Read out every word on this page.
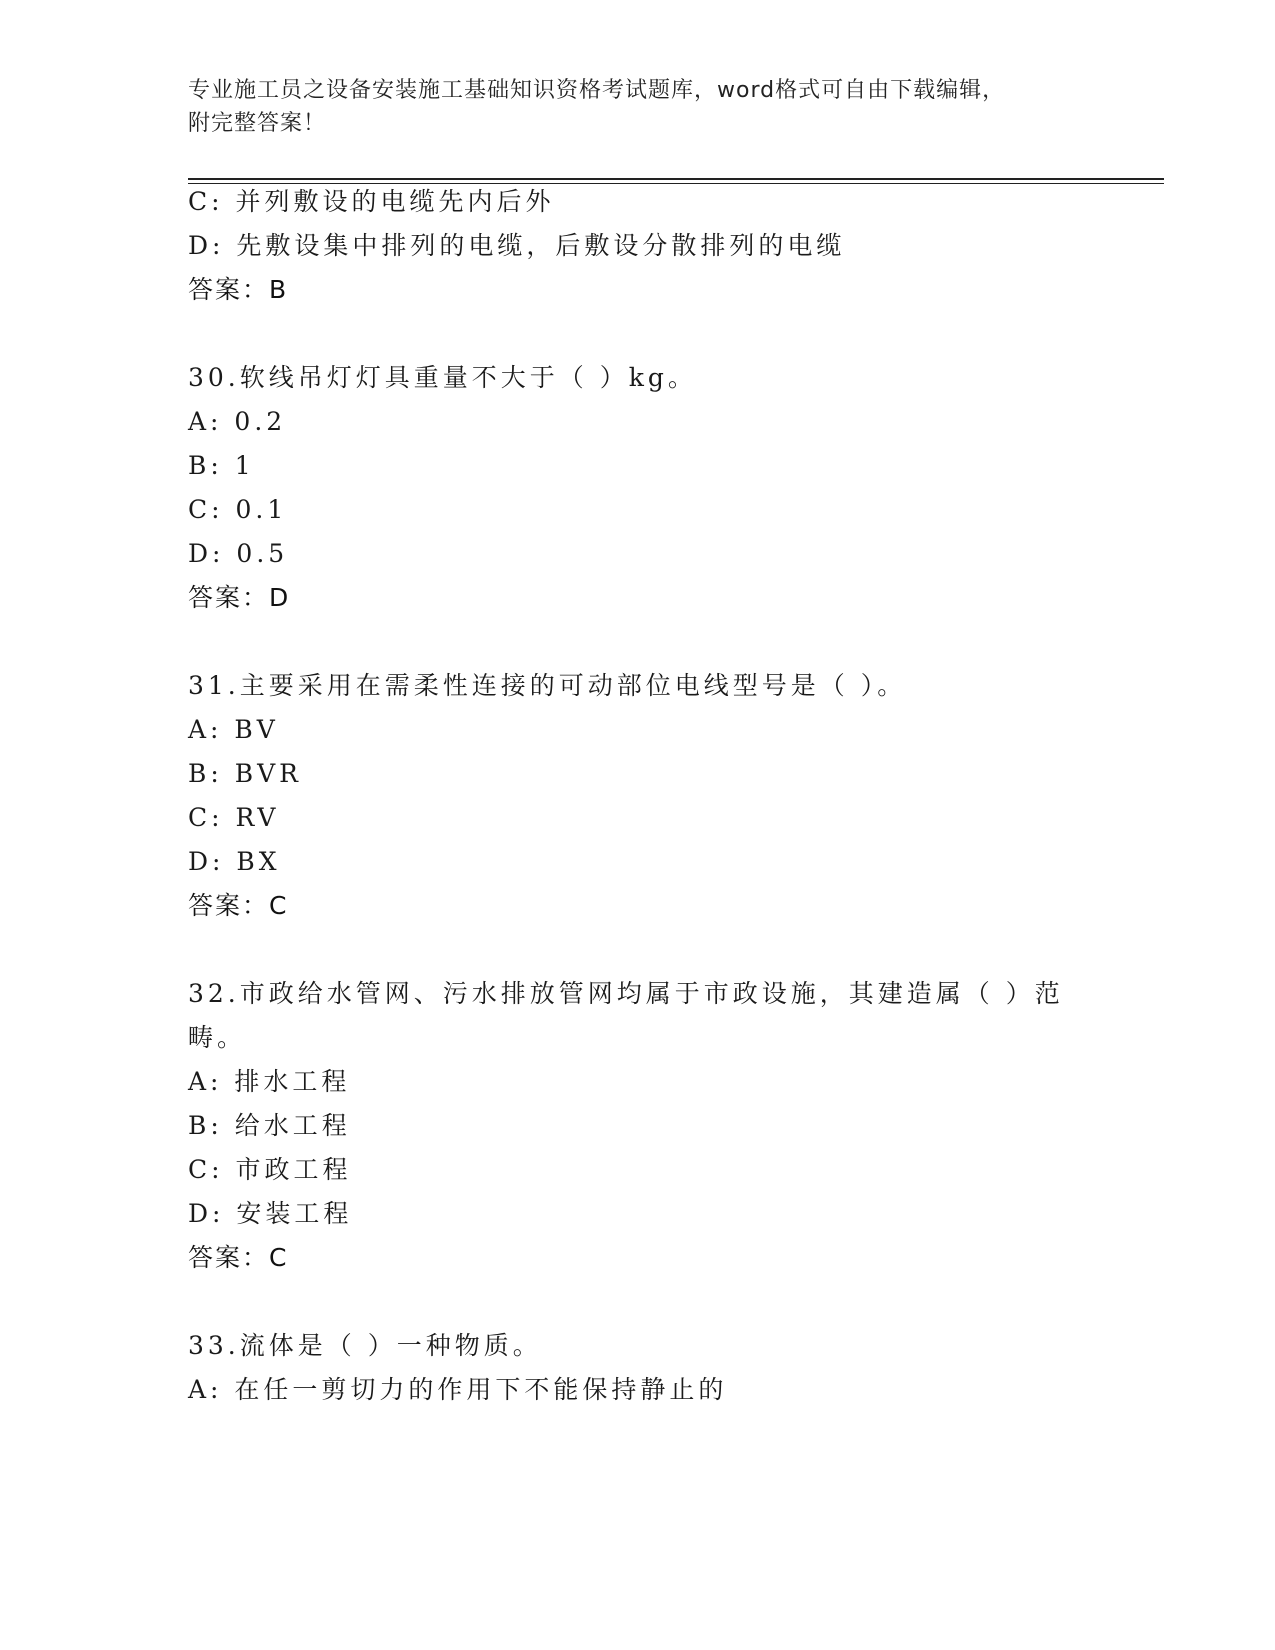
专业施工员之设备安装施工基础知识资格考试题库，word格式可自由下载编辑，
附完整答案！
C: 并列敷设的电缆先内后外
D: 先敷设集中排列的电缆，后敷设分散排列的电缆
答案：B
30.软线吊灯灯具重量不大于（ ）kg。
A: 0.2
B: 1
C: 0.1
D: 0.5
答案：D
31.主要采用在需柔性连接的可动部位电线型号是（ ）。
A: BV
B: BVR
C: RV
D: BX
答案：C
32.市政给水管网、污水排放管网均属于市政设施，其建造属（ ）范
畴。
A: 排水工程
B: 给水工程
C: 市政工程
D: 安装工程
答案：C
33.流体是（ ）一种物质。
A: 在任一剪切力的作用下不能保持静止的
